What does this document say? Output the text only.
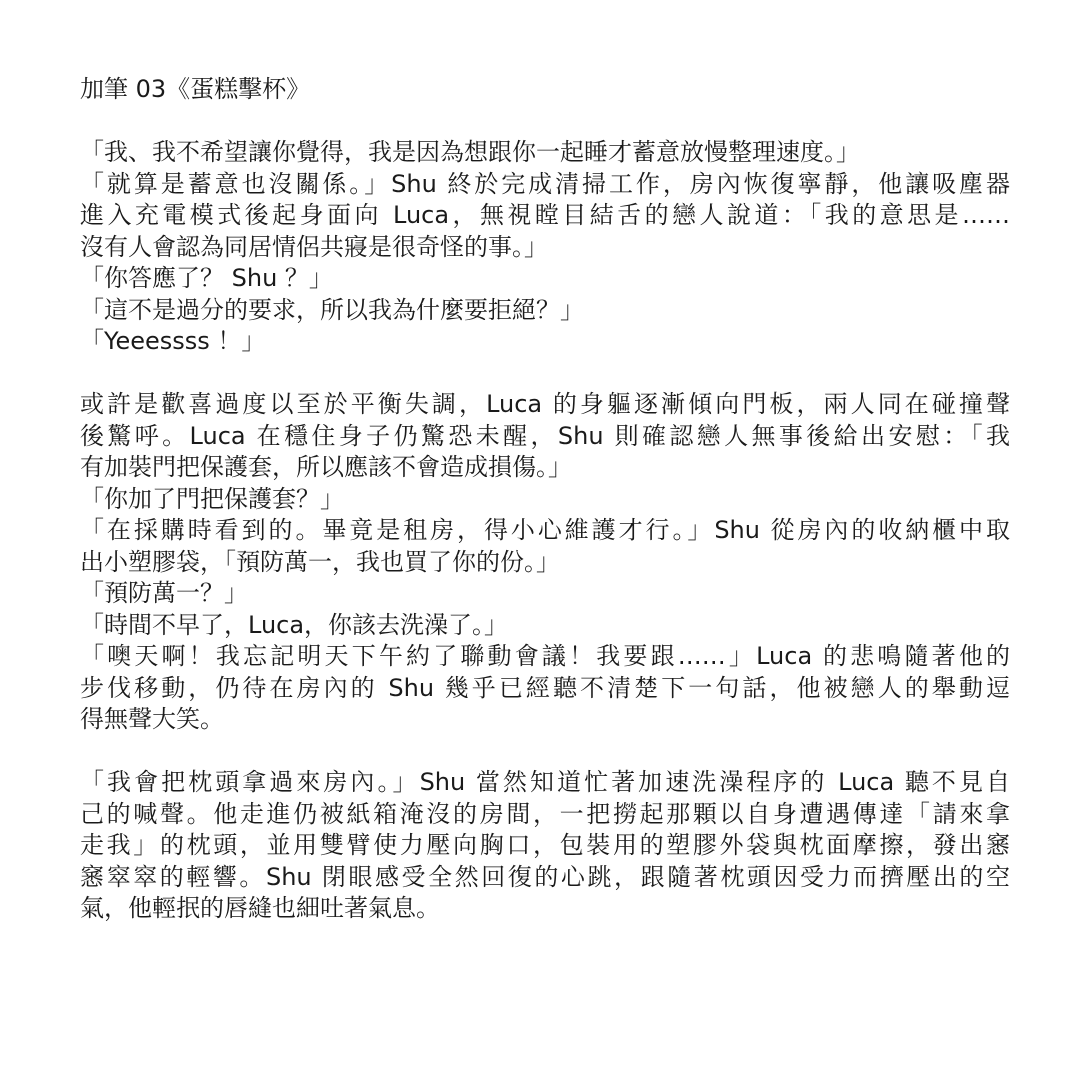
加筆 03《蛋糕擊杯》
「我、我不希望讓你覺得，我是因為想跟你一起睡才蓄意放慢整理速度。」
「就算是蓄意也沒關係。」Shu 終於完成清掃工作，房內恢復寧靜，他讓吸塵器
進入充電模式後起身面向 Luca，無視瞠目結舌的戀人說道：「我的意思是……
沒有人會認為同居情侶共寢是很奇怪的事。」
「你答應了？ Shu ？」
「這不是過分的要求，所以我為什麼要拒絕？」
「Yeeessss ！」
或許是歡喜過度以至於平衡失調，Luca 的身軀逐漸傾向門板，兩人同在碰撞聲
後驚呼。Luca 在穩住身子仍驚恐未醒，Shu 則確認戀人無事後給出安慰：「我
有加裝門把保護套，所以應該不會造成損傷。」
「你加了門把保護套？」
「在採購時看到的。畢竟是租房，得小心維護才行。」Shu 從房內的收納櫃中取
出小塑膠袋，「預防萬一，我也買了你的份。」
「預防萬一？」
「時間不早了，Luca，你該去洗澡了。」
「噢天啊！我忘記明天下午約了聯動會議！我要跟……」Luca 的悲鳴隨著他的
步伐移動，仍待在房內的 Shu 幾乎已經聽不清楚下一句話，他被戀人的舉動逗
得無聲大笑。
「我會把枕頭拿過來房內。」Shu 當然知道忙著加速洗澡程序的 Luca 聽不見自
己的喊聲。他走進仍被紙箱淹沒的房間，一把撈起那顆以自身遭遇傳達「請來拿
走我」的枕頭，並用雙臂使力壓向胸口，包裝用的塑膠外袋與枕面摩擦，發出窸
窸窣窣的輕響。Shu 閉眼感受全然回復的心跳，跟隨著枕頭因受力而擠壓出的空
氣，他輕抿的唇縫也細吐著氣息。
